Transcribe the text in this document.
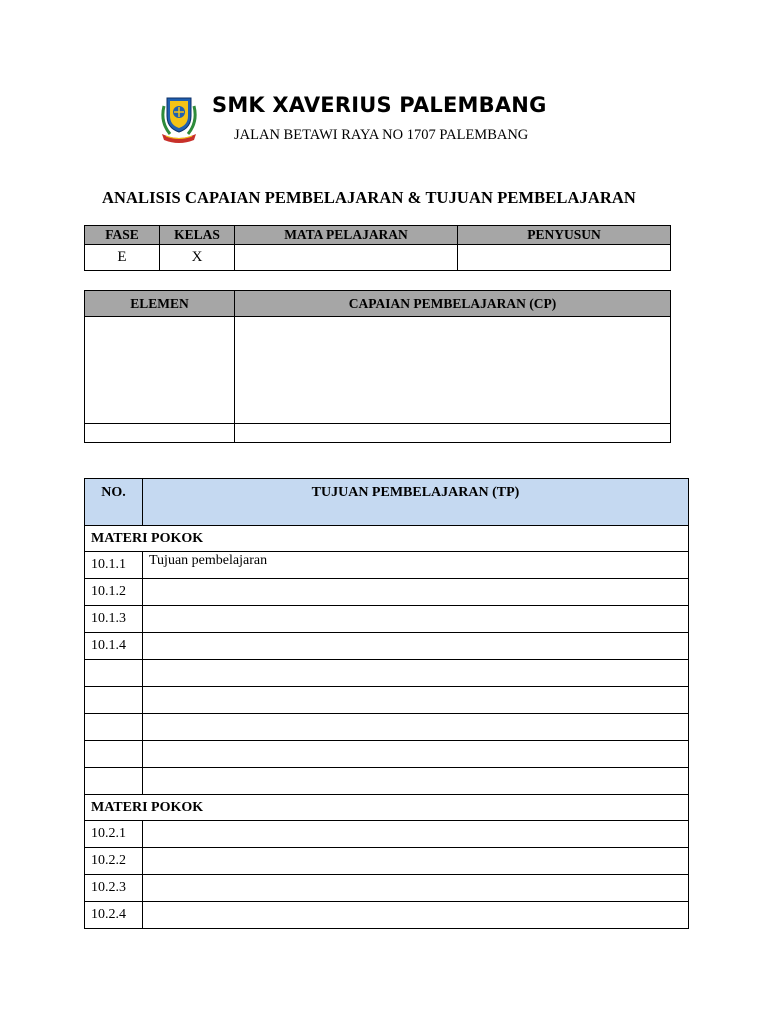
SMK XAVERIUS PALEMBANG
JALAN BETAWI RAYA NO 1707 PALEMBANG
ANALISIS CAPAIAN PEMBELAJARAN & TUJUAN PEMBELAJARAN
FASE	KELAS	MATA PELAJARAN	PENYUSUN
E	X		
ELEMEN	CAPAIAN PEMBELAJARAN (CP)

NO.	TUJUAN PEMBELAJARAN (TP)
MATERI POKOK	
10.1.1	Tujuan pembelajaran
10.1.2	
10.1.3	
10.1.4	

MATERI POKOK	
10.2.1	
10.2.2	
10.2.3	
10.2.4	
